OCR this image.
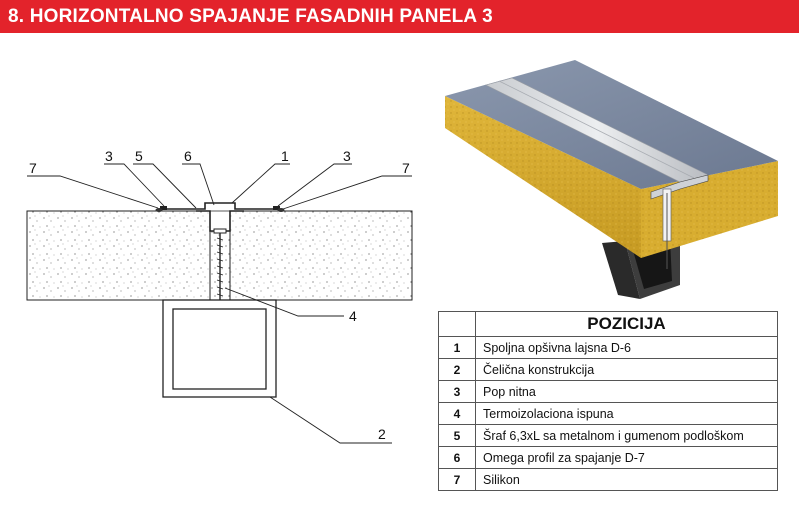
8. HORIZONTALNO SPAJANJE FASADNIH PANELA 3
7
3 5	6	1	3
7
4
2
	POZICIJA
1	Spoljna opšivna lajsna D-6
2	Čelična konstrukcija
3	Pop nitna
4	Termoizolaciona ispuna
5	Šraf 6,3xL sa metalnom i gumenom podloškom
6	Omega profil za spajanje D-7
7	Silikon
